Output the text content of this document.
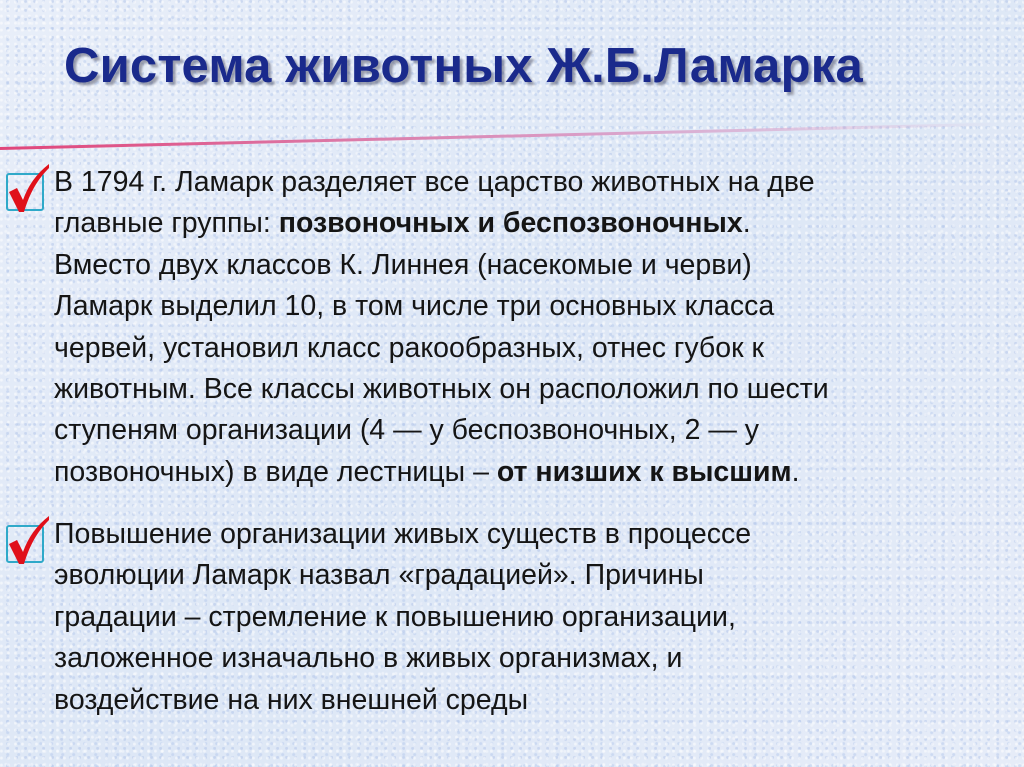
Система животных Ж.Б.Ламарка

В 1794 г. Ламарк разделяет все царство животных на две

главные группы: позвоночных и беспозвоночных.

Вместо двух классов К. Линнея (насекомые и черви)

Ламарк выделил 10, в том числе три основных класса

червей, установил класс ракообразных, отнес губок к

животным. Все классы животных он расположил по шести

ступеням организации (4 — у беспозвоночных, 2 — у

позвоночных) в виде лестницы – от низших к высшим.

Повышение организации живых существ в процессе

эволюции Ламарк назвал «градацией». Причины

градации – стремление к повышению организации,

заложенное изначально в живых организмах, и

воздействие на них внешней среды
